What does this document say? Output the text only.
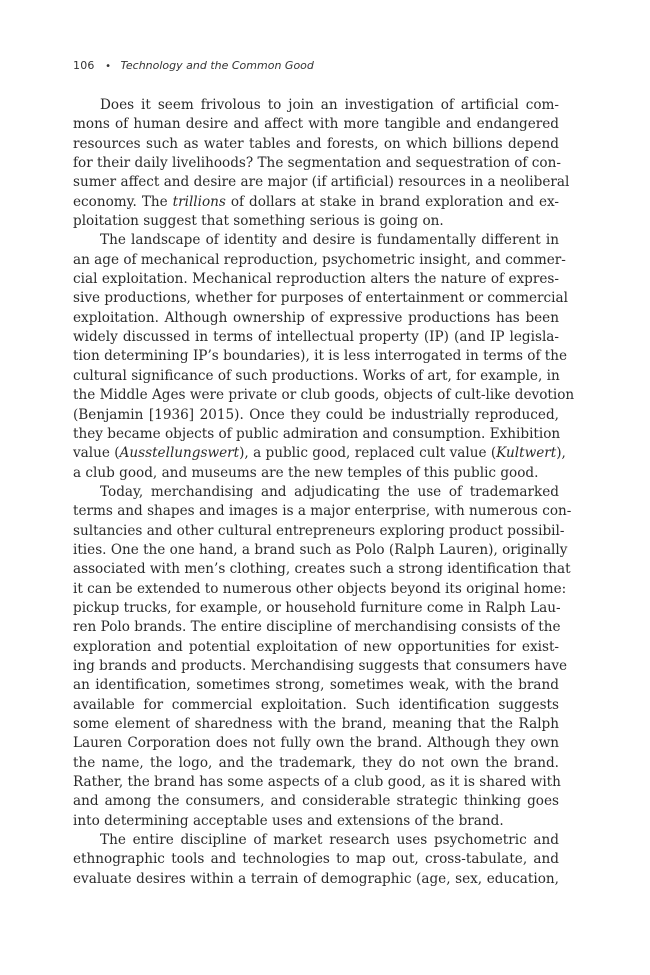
106 • Technology and the Common Good
Does it seem frivolous to join an investigation of artificial com-
mons of human desire and affect with more tangible and endangered
resources such as water tables and forests, on which billions depend
for their daily livelihoods? The segmentation and sequestration of con-
sumer affect and desire are major (if artificial) resources in a neoliberal
economy. The trillions of dollars at stake in brand exploration and ex-
ploitation suggest that something serious is going on.
The landscape of identity and desire is fundamentally different in
an age of mechanical reproduction, psychometric insight, and commer-
cial exploitation. Mechanical reproduction alters the nature of expres-
sive productions, whether for purposes of entertainment or commercial
exploitation. Although ownership of expressive productions has been
widely discussed in terms of intellectual property (IP) (and IP legisla-
tion determining IP’s boundaries), it is less interrogated in terms of the
cultural significance of such productions. Works of art, for example, in
the Middle Ages were private or club goods, objects of cult-like devotion
(Benjamin [1936] 2015). Once they could be industrially reproduced,
they became objects of public admiration and consumption. Exhibition
value (Ausstellungswert), a public good, replaced cult value (Kultwert),
a club good, and museums are the new temples of this public good.
Today, merchandising and adjudicating the use of trademarked
terms and shapes and images is a major enterprise, with numerous con-
sultancies and other cultural entrepreneurs exploring product possibil-
ities. One the one hand, a brand such as Polo (Ralph Lauren), originally
associated with men’s clothing, creates such a strong identification that
it can be extended to numerous other objects beyond its original home:
pickup trucks, for example, or household furniture come in Ralph Lau-
ren Polo brands. The entire discipline of merchandising consists of the
exploration and potential exploitation of new opportunities for exist-
ing brands and products. Merchandising suggests that consumers have
an identification, sometimes strong, sometimes weak, with the brand
available for commercial exploitation. Such identification suggests
some element of sharedness with the brand, meaning that the Ralph
Lauren Corporation does not fully own the brand. Although they own
the name, the logo, and the trademark, they do not own the brand.
Rather, the brand has some aspects of a club good, as it is shared with
and among the consumers, and considerable strategic thinking goes
into determining acceptable uses and extensions of the brand.
The entire discipline of market research uses psychometric and
ethnographic tools and technologies to map out, cross-tabulate, and
evaluate desires within a terrain of demographic (age, sex, education,
